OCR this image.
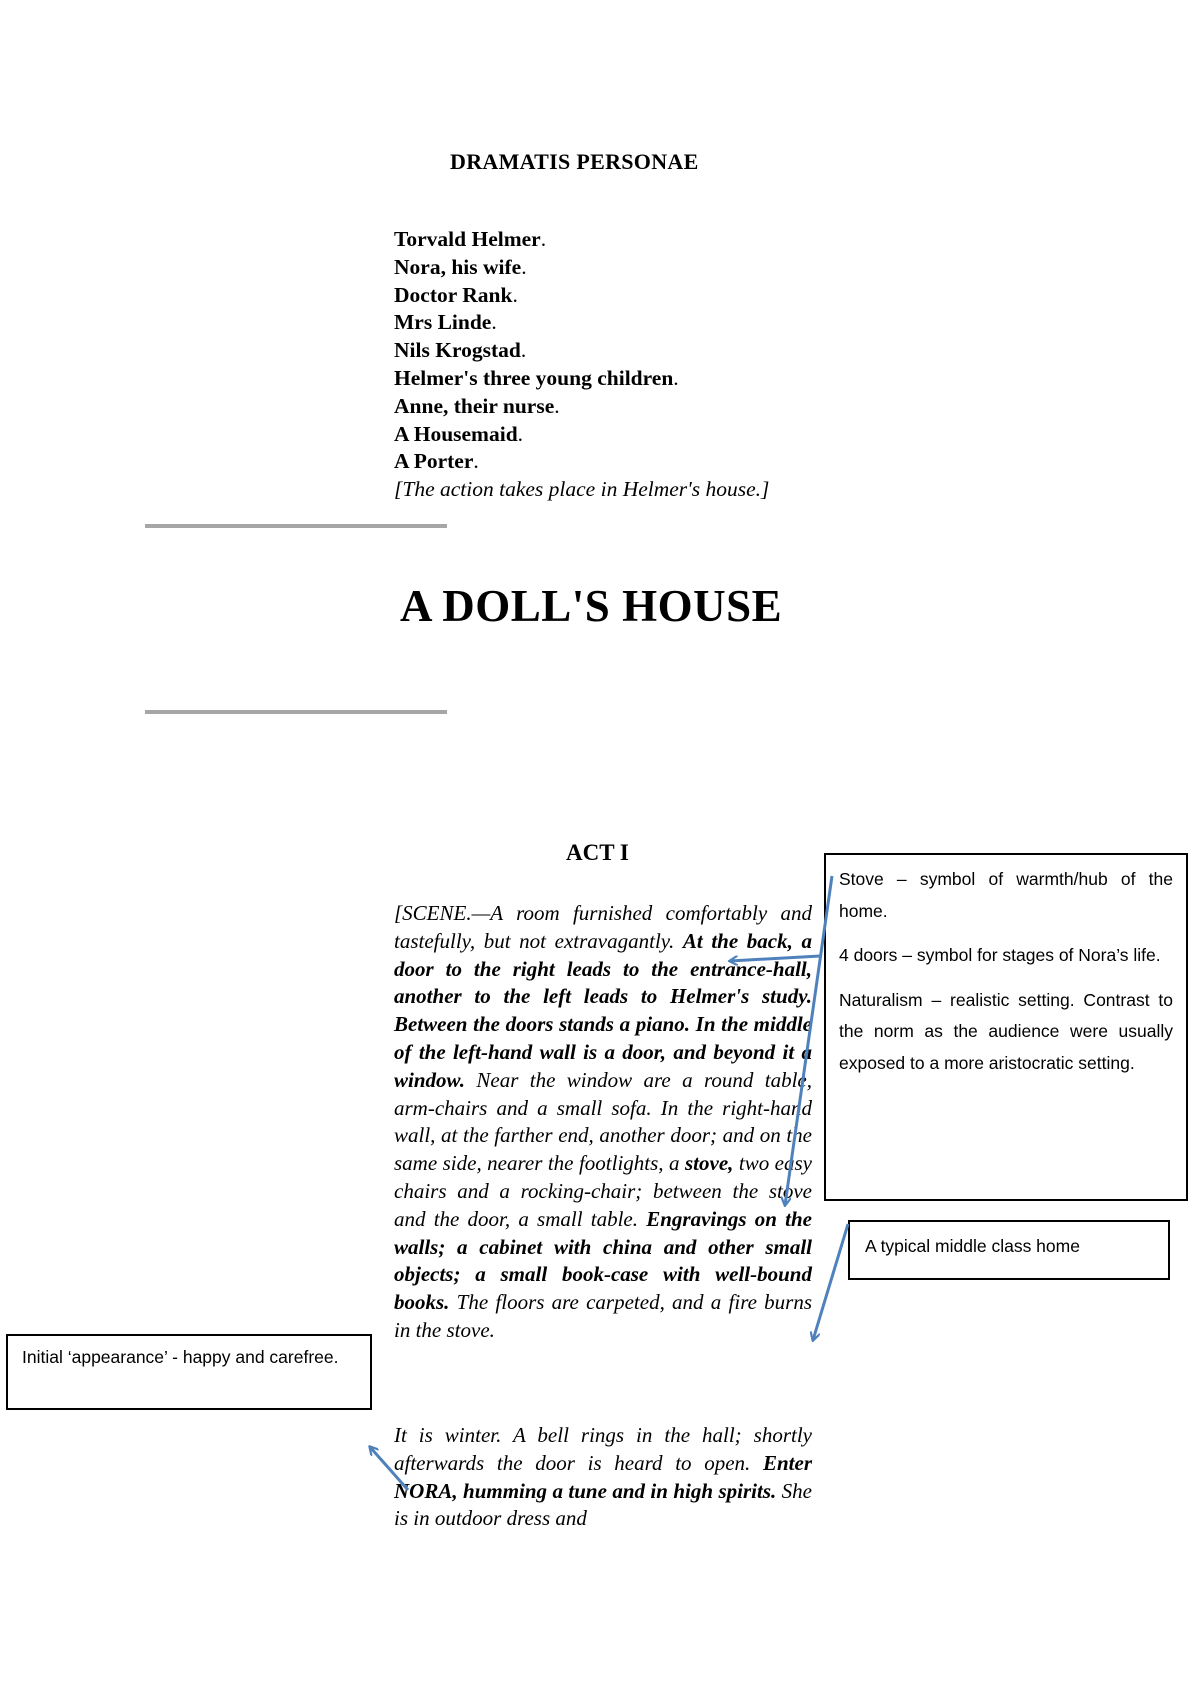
DRAMATIS PERSONAE
Torvald Helmer.
Nora, his wife.
Doctor Rank.
Mrs Linde.
Nils Krogstad.
Helmer's three young children.
Anne, their nurse.
A Housemaid.
A Porter.
[The action takes place in Helmer's house.]
A DOLL'S HOUSE
ACT I

[SCENE.—A room furnished comfortably and tastefully, but not extravagantly. At the back, a door to the right leads to the entrance-hall, another to the left leads to Helmer's study. Between the doors stands a piano. In the middle of the left-hand wall is a door, and beyond it a window. Near the window are a round table, arm-chairs and a small sofa. In the right-hand wall, at the farther end, another door; and on the same side, nearer the footlights, a stove, two easy chairs and a rocking-chair; between the stove and the door, a small table. Engravings on the walls; a cabinet with china and other small objects; a small book-case with well-bound books. The floors are carpeted, and a fire burns in the stove.

It is winter. A bell rings in the hall; shortly afterwards the door is heard to open. Enter NORA, humming a tune and in high spirits. She is in outdoor dress and

Stove – symbol of warmth/hub of the home.

4 doors – symbol for stages of Nora’s life.

Naturalism – realistic setting. Contrast to the norm as the audience were usually exposed to a more aristocratic setting.

A typical middle class home
Initial ‘appearance’ - happy and carefree.
